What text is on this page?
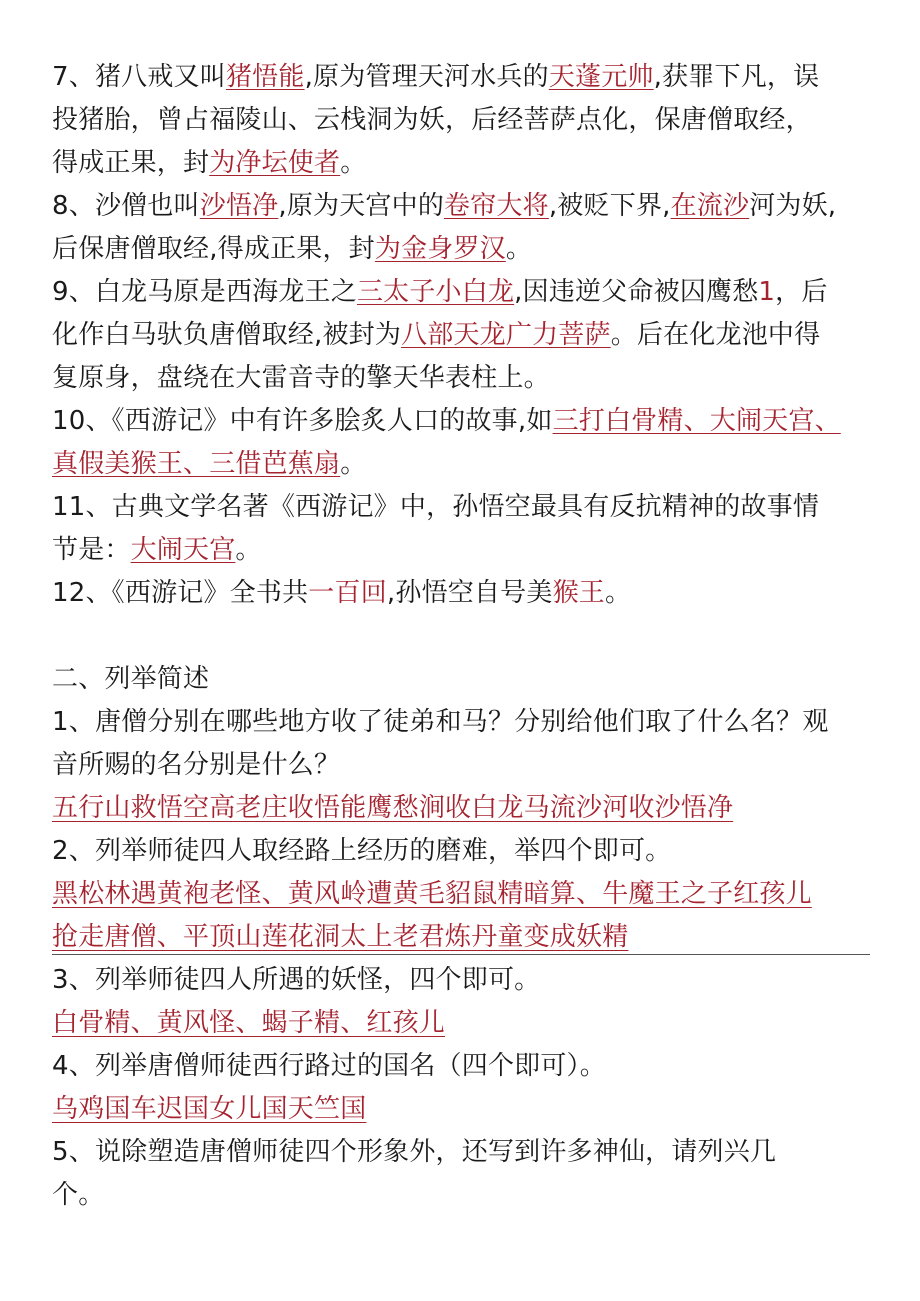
7、猪八戒又叫猪悟能,原为管理天河水兵的天蓬元帅,获罪下凡，误
投猪胎，曾占福陵山、云栈洞为妖，后经菩萨点化，保唐僧取经，
得成正果，封为净坛使者。
8、沙僧也叫沙悟净,原为天宫中的卷帘大将,被贬下界,在流沙河为妖,
后保唐僧取经,得成正果，封为金身罗汉。
9、白龙马原是西海龙王之三太子小白龙,因违逆父命被囚鹰愁1，后
化作白马驮负唐僧取经,被封为八部天龙广力菩萨。后在化龙池中得
复原身，盘绕在大雷音寺的擎天华表柱上。
10、《西游记》中有许多脍炙人口的故事,如三打白骨精、大闹天宫、
真假美猴王、三借芭蕉扇。
11、古典文学名著《西游记》中，孙悟空最具有反抗精神的故事情
节是：大闹天宫。
12、《西游记》全书共一百回,孙悟空自号美猴王。
二、列举简述
1、唐僧分别在哪些地方收了徒弟和马？分别给他们取了什么名？观
音所赐的名分别是什么？
五行山救悟空高老庄收悟能鹰愁涧收白龙马流沙河收沙悟净
2、列举师徒四人取经路上经历的磨难，举四个即可。
黑松林遇黄袍老怪、黄风岭遭黄毛貂鼠精暗算、牛魔王之子红孩儿
抢走唐僧、平顶山莲花洞太上老君炼丹童变成妖精
3、列举师徒四人所遇的妖怪，四个即可。
白骨精、黄风怪、蝎子精、红孩儿
4、列举唐僧师徒西行路过的国名（四个即可）。
乌鸡国车迟国女儿国天竺国
5、说除塑造唐僧师徒四个形象外，还写到许多神仙，请列兴几
个。
